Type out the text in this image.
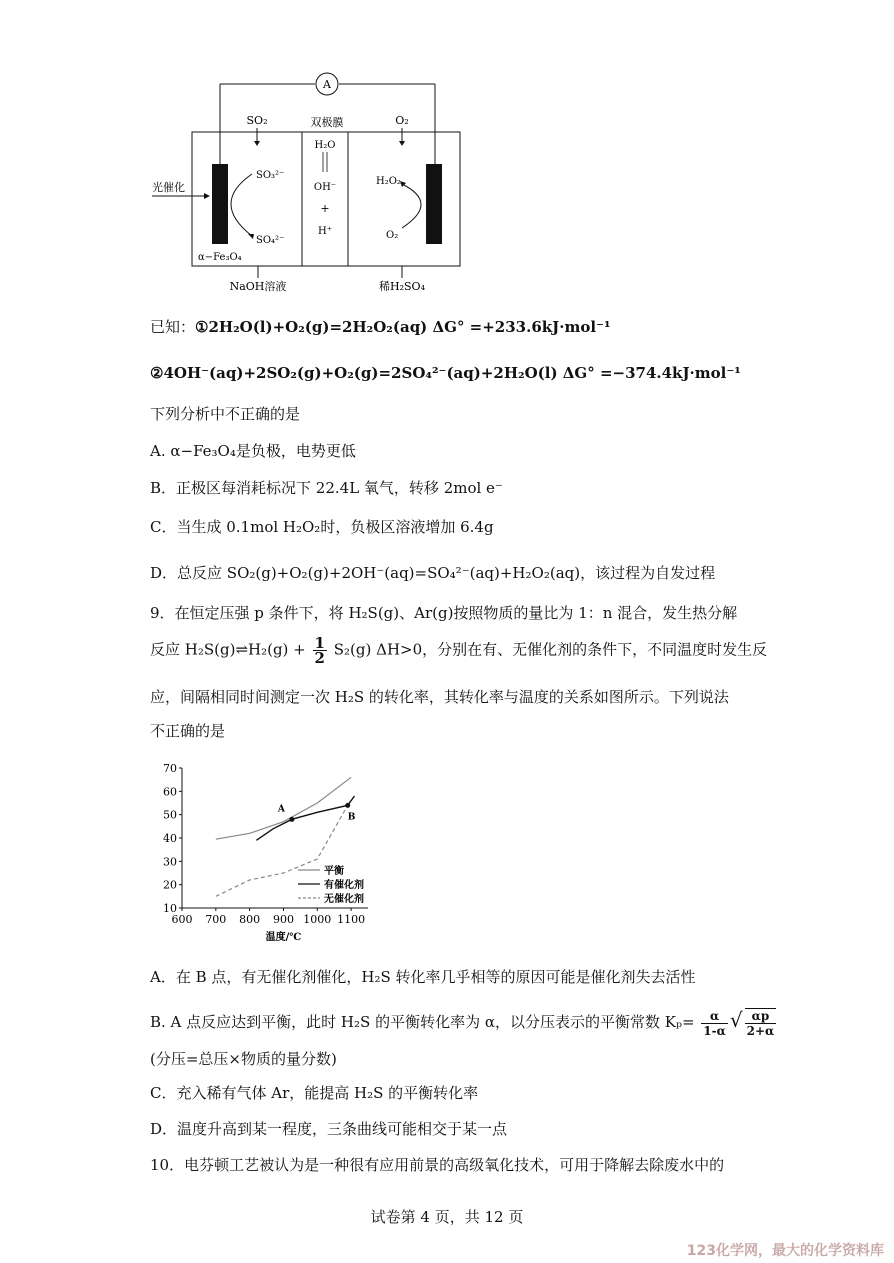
A
SO₂	双极膜	O₂
光催化
SO₃²⁻
SO₄²⁻
α−Fe₃O₄
H₂O
OH⁻
+
H⁺
H₂O₂
O₂
NaOH溶液	稀H₂SO₄
已知：①2H₂O(l)+O₂(g)=2H₂O₂(aq) ΔG° =+233.6kJ·mol⁻¹
②4OH⁻(aq)+2SO₂(g)+O₂(g)=2SO₄²⁻(aq)+2H₂O(l) ΔG° =−374.4kJ·mol⁻¹
下列分析中不正确的是
A. α−Fe₃O₄是负极，电势更低
B．正极区每消耗标况下 22.4L 氧气，转移 2mol e⁻
C．当生成 0.1mol H₂O₂时，负极区溶液增加 6.4g
D．总反应 SO₂(g)+O₂(g)+2OH⁻(aq)=SO₄²⁻(aq)+H₂O₂(aq)，该过程为自发过程
9．在恒定压强 p 条件下，将 H₂S(g)、Ar(g)按照物质的量比为 1：n 混合，发生热分解
反应 H₂S(g)⇌H₂(g) + $\frac{1}{2} S_2(g)$ ΔH>0，分别在有、无催化剂的条件下，不同温度时发生反
应，间隔相同时间测定一次 H₂S 的转化率，其转化率与温度的关系如图所示。下列说法
不正确的是
10
20
30
40
50
60
70
600 700 800 900 1000 1100
温度/℃
A
B
平衡
有催化剂
无催化剂
A．在 B 点，有无催化剂催化，H₂S 转化率几乎相等的原因可能是催化剂失去活性
B. A 点反应达到平衡，此时 H₂S 的平衡转化率为 α，以分压表示的平衡常数 $K_p= \frac{\alpha}{1-\alpha}$ √ $\frac{\alpha p}{2+\alpha}$
(分压=总压×物质的量分数)
C．充入稀有气体 Ar，能提高 H₂S 的平衡转化率
D．温度升高到某一程度，三条曲线可能相交于某一点
10．电芬顿工艺被认为是一种很有应用前景的高级氧化技术，可用于降解去除废水中的
试卷第 4 页，共 12 页
123化学网，最大的化学资料库
